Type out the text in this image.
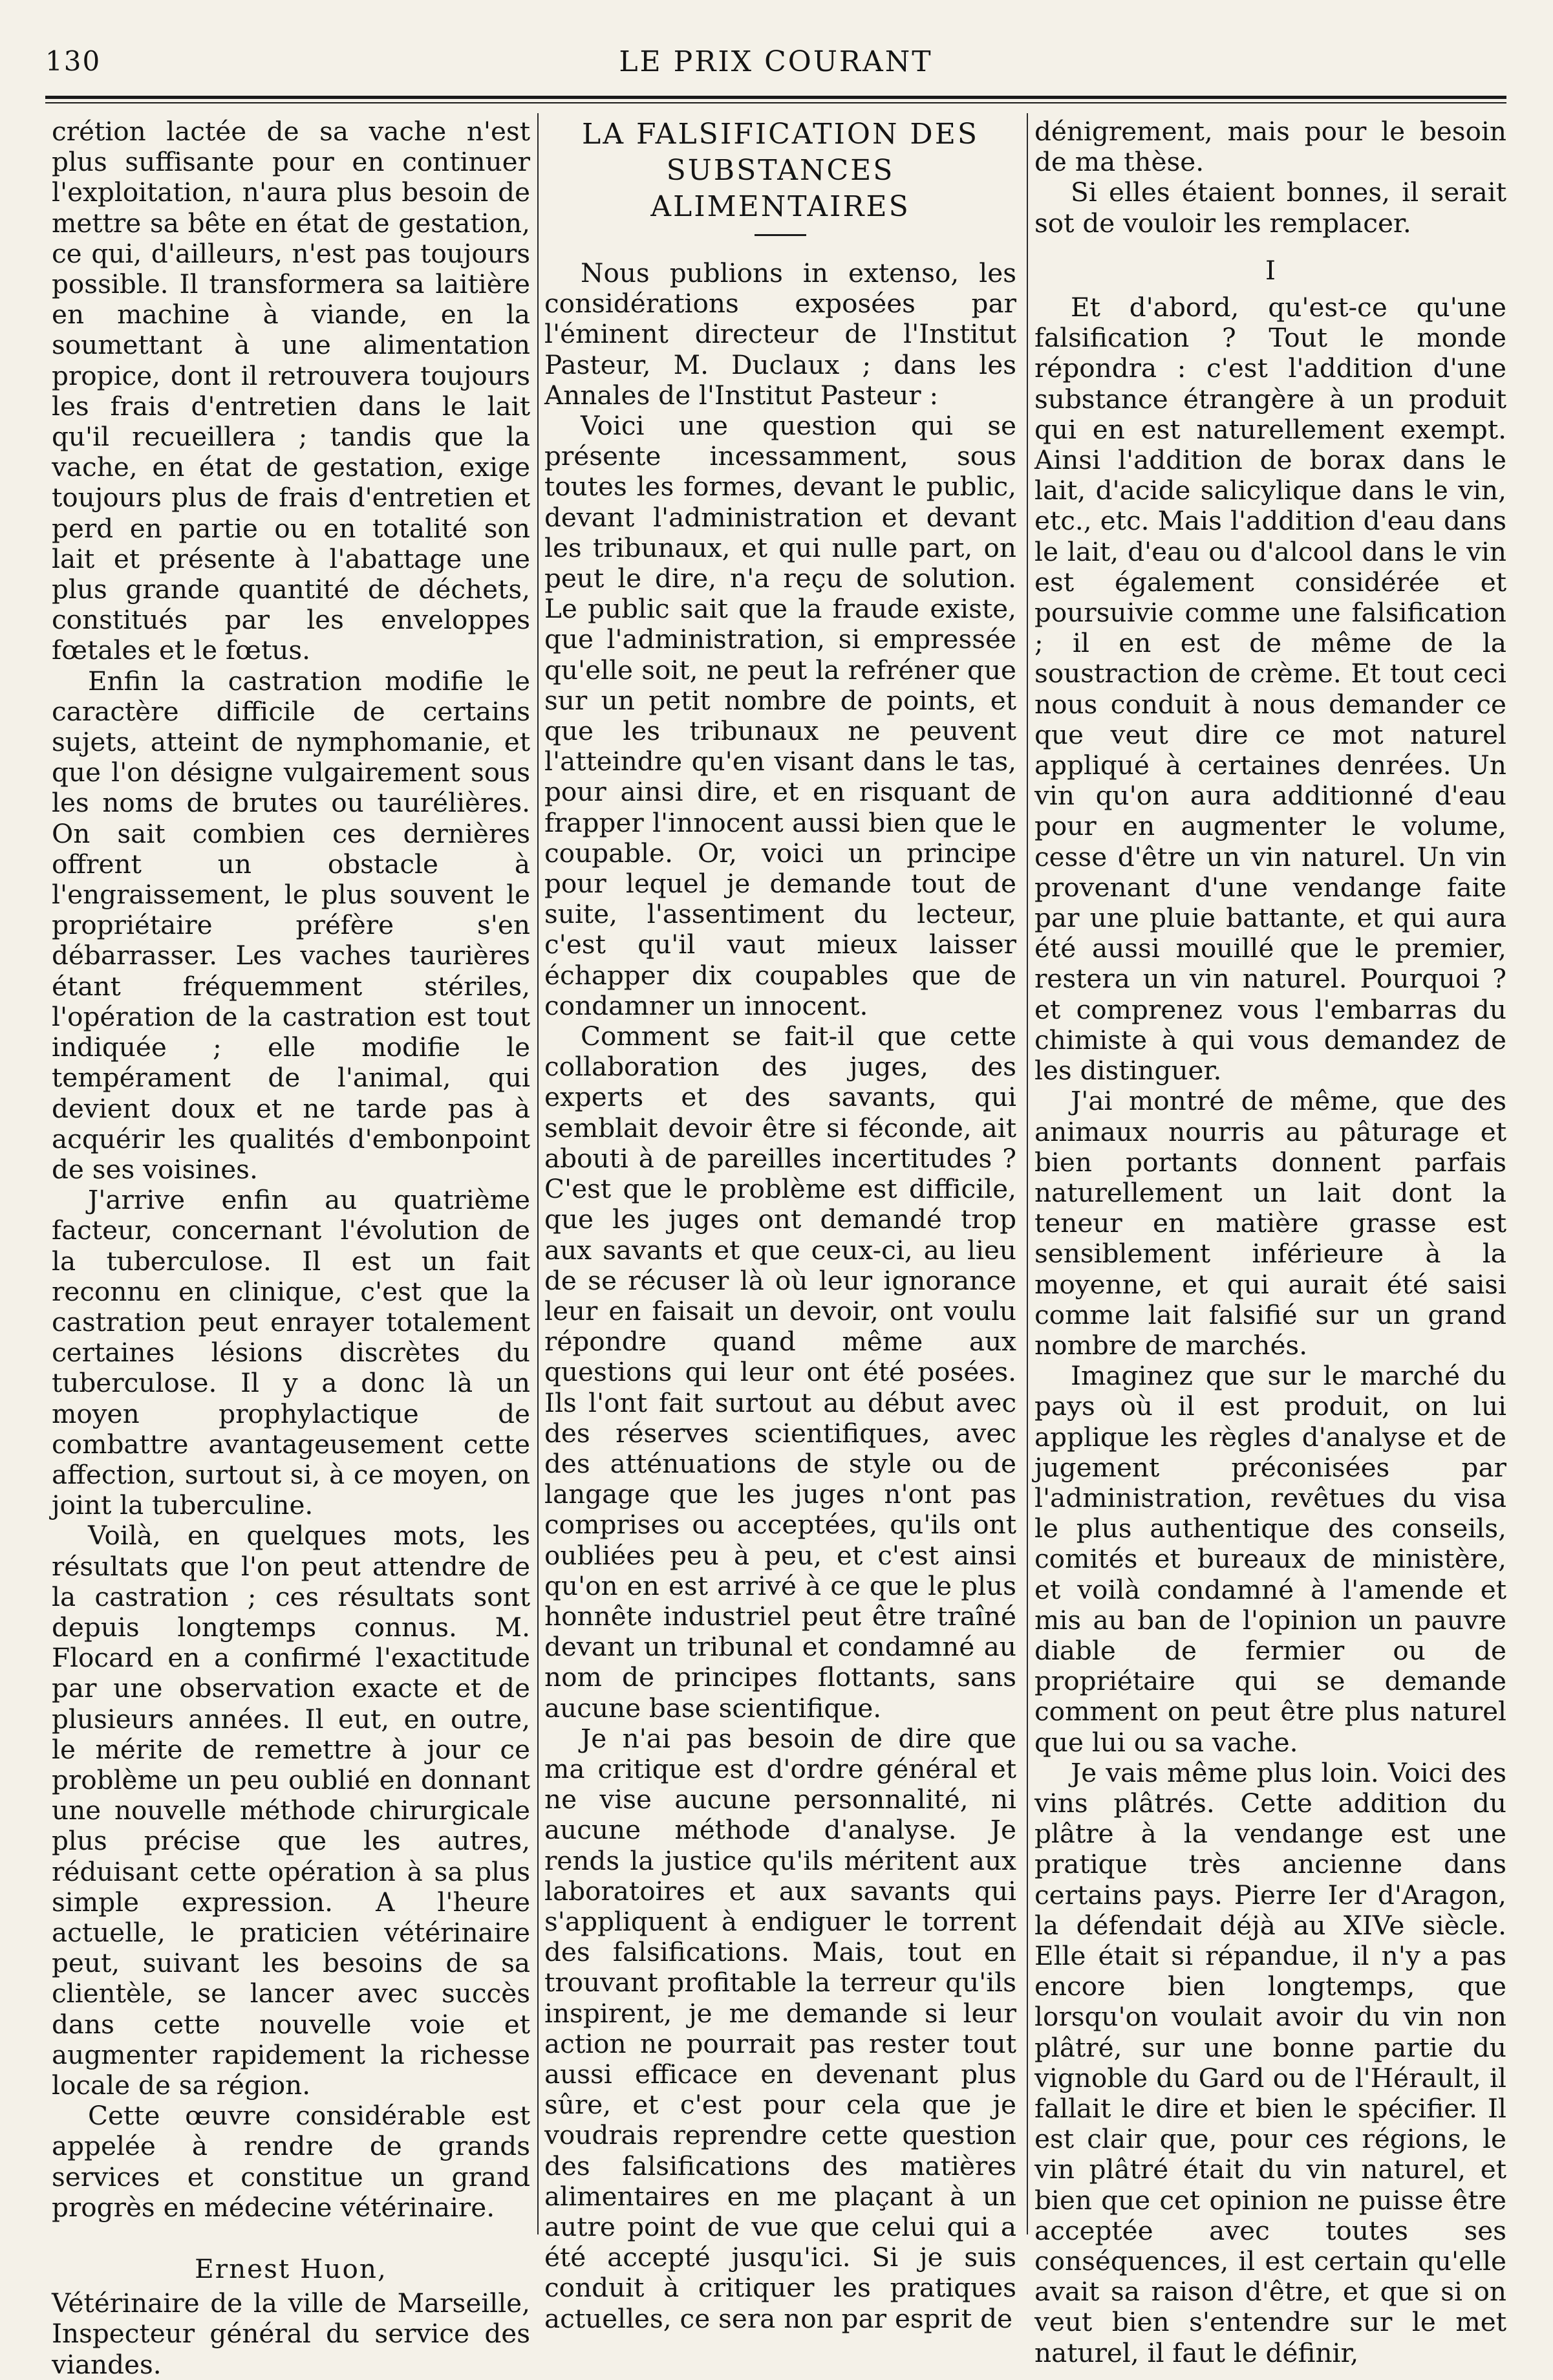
130	LE PRIX COURANT

crétion lactée de sa vache n'est plus suffisante pour en continuer l'exploitation, n'aura plus besoin de mettre sa bête en état de gestation, ce qui, d'ailleurs, n'est pas toujours possible. Il transformera sa laitière en machine à viande, en la soumettant à une alimentation propice, dont il retrouvera toujours les frais d'entretien dans le lait qu'il recueillera ; tandis que la vache, en état de gestation, exige toujours plus de frais d'entretien et perd en partie ou en totalité son lait et présente à l'abattage une plus grande quantité de déchets, constitués par les enveloppes fœtales et le fœtus.

Enfin la castration modifie le caractère difficile de certains sujets, atteint de nymphomanie, et que l'on désigne vulgairement sous les noms de brutes ou taurélières. On sait combien ces dernières offrent un obstacle à l'engraissement, le plus souvent le propriétaire préfère s'en débarrasser. Les vaches taurières étant fréquemment stériles, l'opération de la castration est tout indiquée ; elle modifie le tempérament de l'animal, qui devient doux et ne tarde pas à acquérir les qualités d'embonpoint de ses voisines.

J'arrive enfin au quatrième facteur, concernant l'évolution de la tuberculose. Il est un fait reconnu en clinique, c'est que la castration peut enrayer totalement certaines lésions discrètes du tuberculose. Il y a donc là un moyen prophylactique de combattre avantageusement cette affection, surtout si, à ce moyen, on joint la tuberculine.

Voilà, en quelques mots, les résultats que l'on peut attendre de la castration ; ces résultats sont depuis longtemps connus. M. Flocard en a confirmé l'exactitude par une observation exacte et de plusieurs années. Il eut, en outre, le mérite de remettre à jour ce problème un peu oublié en donnant une nouvelle méthode chirurgicale plus précise que les autres, réduisant cette opération à sa plus simple expression. A l'heure actuelle, le praticien vétérinaire peut, suivant les besoins de sa clientèle, se lancer avec succès dans cette nouvelle voie et augmenter rapidement la richesse locale de sa région.

Cette œuvre considérable est appelée à rendre de grands services et constitue un grand progrès en médecine vétérinaire.

Ernest Huon,

Vétérinaire de la ville de Marseille, Inspecteur général du service des viandes.

LA FALSIFICATION DES SUBSTANCES ALIMENTAIRES

Nous publions in extenso, les considérations exposées par l'éminent directeur de l'Institut Pasteur, M. Duclaux ; dans les Annales de l'Institut Pasteur :

Voici une question qui se présente incessamment, sous toutes les formes, devant le public, devant l'administration et devant les tribunaux, et qui nulle part, on peut le dire, n'a reçu de solution. Le public sait que la fraude existe, que l'administration, si empressée qu'elle soit, ne peut la refréner que sur un petit nombre de points, et que les tribunaux ne peuvent l'atteindre qu'en visant dans le tas, pour ainsi dire, et en risquant de frapper l'innocent aussi bien que le coupable. Or, voici un principe pour lequel je demande tout de suite, l'assentiment du lecteur, c'est qu'il vaut mieux laisser échapper dix coupables que de condamner un innocent.

Comment se fait-il que cette collaboration des juges, des experts et des savants, qui semblait devoir être si féconde, ait abouti à de pareilles incertitudes ? C'est que le problème est difficile, que les juges ont demandé trop aux savants et que ceux-ci, au lieu de se récuser là où leur ignorance leur en faisait un devoir, ont voulu répondre quand même aux questions qui leur ont été posées. Ils l'ont fait surtout au début avec des réserves scientifiques, avec des atténuations de style ou de langage que les juges n'ont pas comprises ou acceptées, qu'ils ont oubliées peu à peu, et c'est ainsi qu'on en est arrivé à ce que le plus honnête industriel peut être traîné devant un tribunal et condamné au nom de principes flottants, sans aucune base scientifique.

Je n'ai pas besoin de dire que ma critique est d'ordre général et ne vise aucune personnalité, ni aucune méthode d'analyse. Je rends la justice qu'ils méritent aux laboratoires et aux savants qui s'appliquent à endiguer le torrent des falsifications. Mais, tout en trouvant profitable la terreur qu'ils inspirent, je me demande si leur action ne pourrait pas rester tout aussi efficace en devenant plus sûre, et c'est pour cela que je voudrais reprendre cette question des falsifications des matières alimentaires en me plaçant à un autre point de vue que celui qui a été accepté jusqu'ici. Si je suis conduit à critiquer les pratiques actuelles, ce sera non par esprit de

dénigrement, mais pour le besoin de ma thèse.

Si elles étaient bonnes, il serait sot de vouloir les remplacer.

I

Et d'abord, qu'est-ce qu'une falsification ? Tout le monde répondra : c'est l'addition d'une substance étrangère à un produit qui en est naturellement exempt. Ainsi l'addition de borax dans le lait, d'acide salicylique dans le vin, etc., etc. Mais l'addition d'eau dans le lait, d'eau ou d'alcool dans le vin est également considérée et poursuivie comme une falsification ; il en est de même de la soustraction de crème. Et tout ceci nous conduit à nous demander ce que veut dire ce mot naturel appliqué à certaines denrées. Un vin qu'on aura additionné d'eau pour en augmenter le volume, cesse d'être un vin naturel. Un vin provenant d'une vendange faite par une pluie battante, et qui aura été aussi mouillé que le premier, restera un vin naturel. Pourquoi ? et comprenez vous l'embarras du chimiste à qui vous demandez de les distinguer.

J'ai montré de même, que des animaux nourris au pâturage et bien portants donnent parfais naturellement un lait dont la teneur en matière grasse est sensiblement inférieure à la moyenne, et qui aurait été saisi comme lait falsifié sur un grand nombre de marchés.

Imaginez que sur le marché du pays où il est produit, on lui applique les règles d'analyse et de jugement préconisées par l'administration, revêtues du visa le plus authentique des conseils, comités et bureaux de ministère, et voilà condamné à l'amende et mis au ban de l'opinion un pauvre diable de fermier ou de propriétaire qui se demande comment on peut être plus naturel que lui ou sa vache.

Je vais même plus loin. Voici des vins plâtrés. Cette addition du plâtre à la vendange est une pratique très ancienne dans certains pays. Pierre Ier d'Aragon, la défendait déjà au XIVe siècle. Elle était si répandue, il n'y a pas encore bien longtemps, que lorsqu'on voulait avoir du vin non plâtré, sur une bonne partie du vignoble du Gard ou de l'Hérault, il fallait le dire et bien le spécifier. Il est clair que, pour ces régions, le vin plâtré était du vin naturel, et bien que cet opinion ne puisse être acceptée avec toutes ses conséquences, il est certain qu'elle avait sa raison d'être, et que si on veut bien s'entendre sur le met naturel, il faut le définir,
